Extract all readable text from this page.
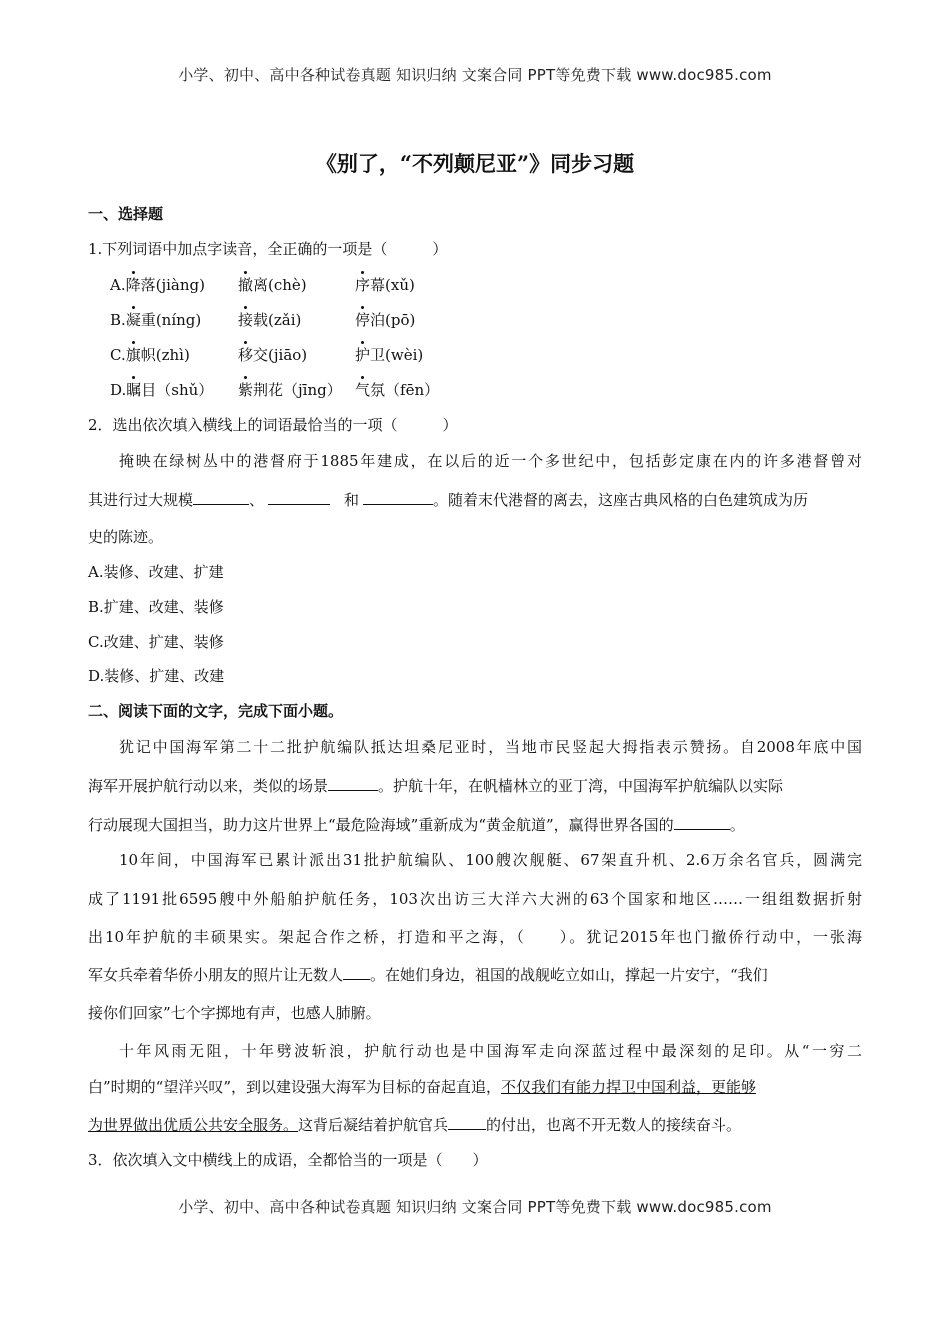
小学、初中、高中各种试卷真题 知识归纳 文案合同 PPT等免费下载 www.doc985.com
《别了，“不列颠尼亚”》同步习题
一、选择题
1.下列词语中加点字读音，全正确的一项是（　　　）
A.降落(jiàng) 撤离(chè)	序幕(xǔ)
B.凝重(níng) 接载(zǎi)	停泊(pō)
C.旗帜(zhì)	移交(jiāo)	护卫(wèi)
D.瞩目（shǔ） 紫荆花（jīng） 气氛（fēn）
2．选出依次填入横线上的词语最恰当的一项（　　　）
掩映在绿树丛中的港督府于1885年建成，在以后的近一个多世纪中，包括彭定康在内的许多港督曾对
其进行过大规模	、	和	。随着末代港督的离去，这座古典风格的白色建筑成为历
史的陈迹。
A.装修、改建、扩建
B.扩建、改建、装修
C.改建、扩建、装修
D.装修、扩建、改建
二、阅读下面的文字，完成下面小题。
犹记中国海军第二十二批护航编队抵达坦桑尼亚时，当地市民竖起大拇指表示赞扬。自2008年底中国
海军开展护航行动以来，类似的场景	。护航十年，在帆樯林立的亚丁湾，中国海军护航编队以实际
行动展现大国担当，助力这片世界上“最危险海域”重新成为“黄金航道”，赢得世界各国的	。
10年间，中国海军已累计派出31批护航编队、100艘次舰艇、67架直升机、2.6万余名官兵，圆满完
成了1191批6595艘中外船舶护航任务，103次出访三大洋六大洲的63个国家和地区……一组组数据折射
出10年护航的丰硕果实。架起合作之桥，打造和平之海，（　　）。犹记2015年也门撤侨行动中，一张海
军女兵牵着华侨小朋友的照片让无数人 。在她们身边，祖国的战舰屹立如山，撑起一片安宁，“我们
接你们回家”七个字掷地有声，也感人肺腑。
十年风雨无阻，十年劈波斩浪，护航行动也是中国海军走向深蓝过程中最深刻的足印。从“一穷二
白”时期的“望洋兴叹”，到以建设强大海军为目标的奋起直追，不仅我们有能力捍卫中国利益，更能够
为世界做出优质公共安全服务。这背后凝结着护航官兵	的付出，也离不开无数人的接续奋斗。
3．依次填入文中横线上的成语，全都恰当的一项是（　　）
小学、初中、高中各种试卷真题 知识归纳 文案合同 PPT等免费下载 www.doc985.com
